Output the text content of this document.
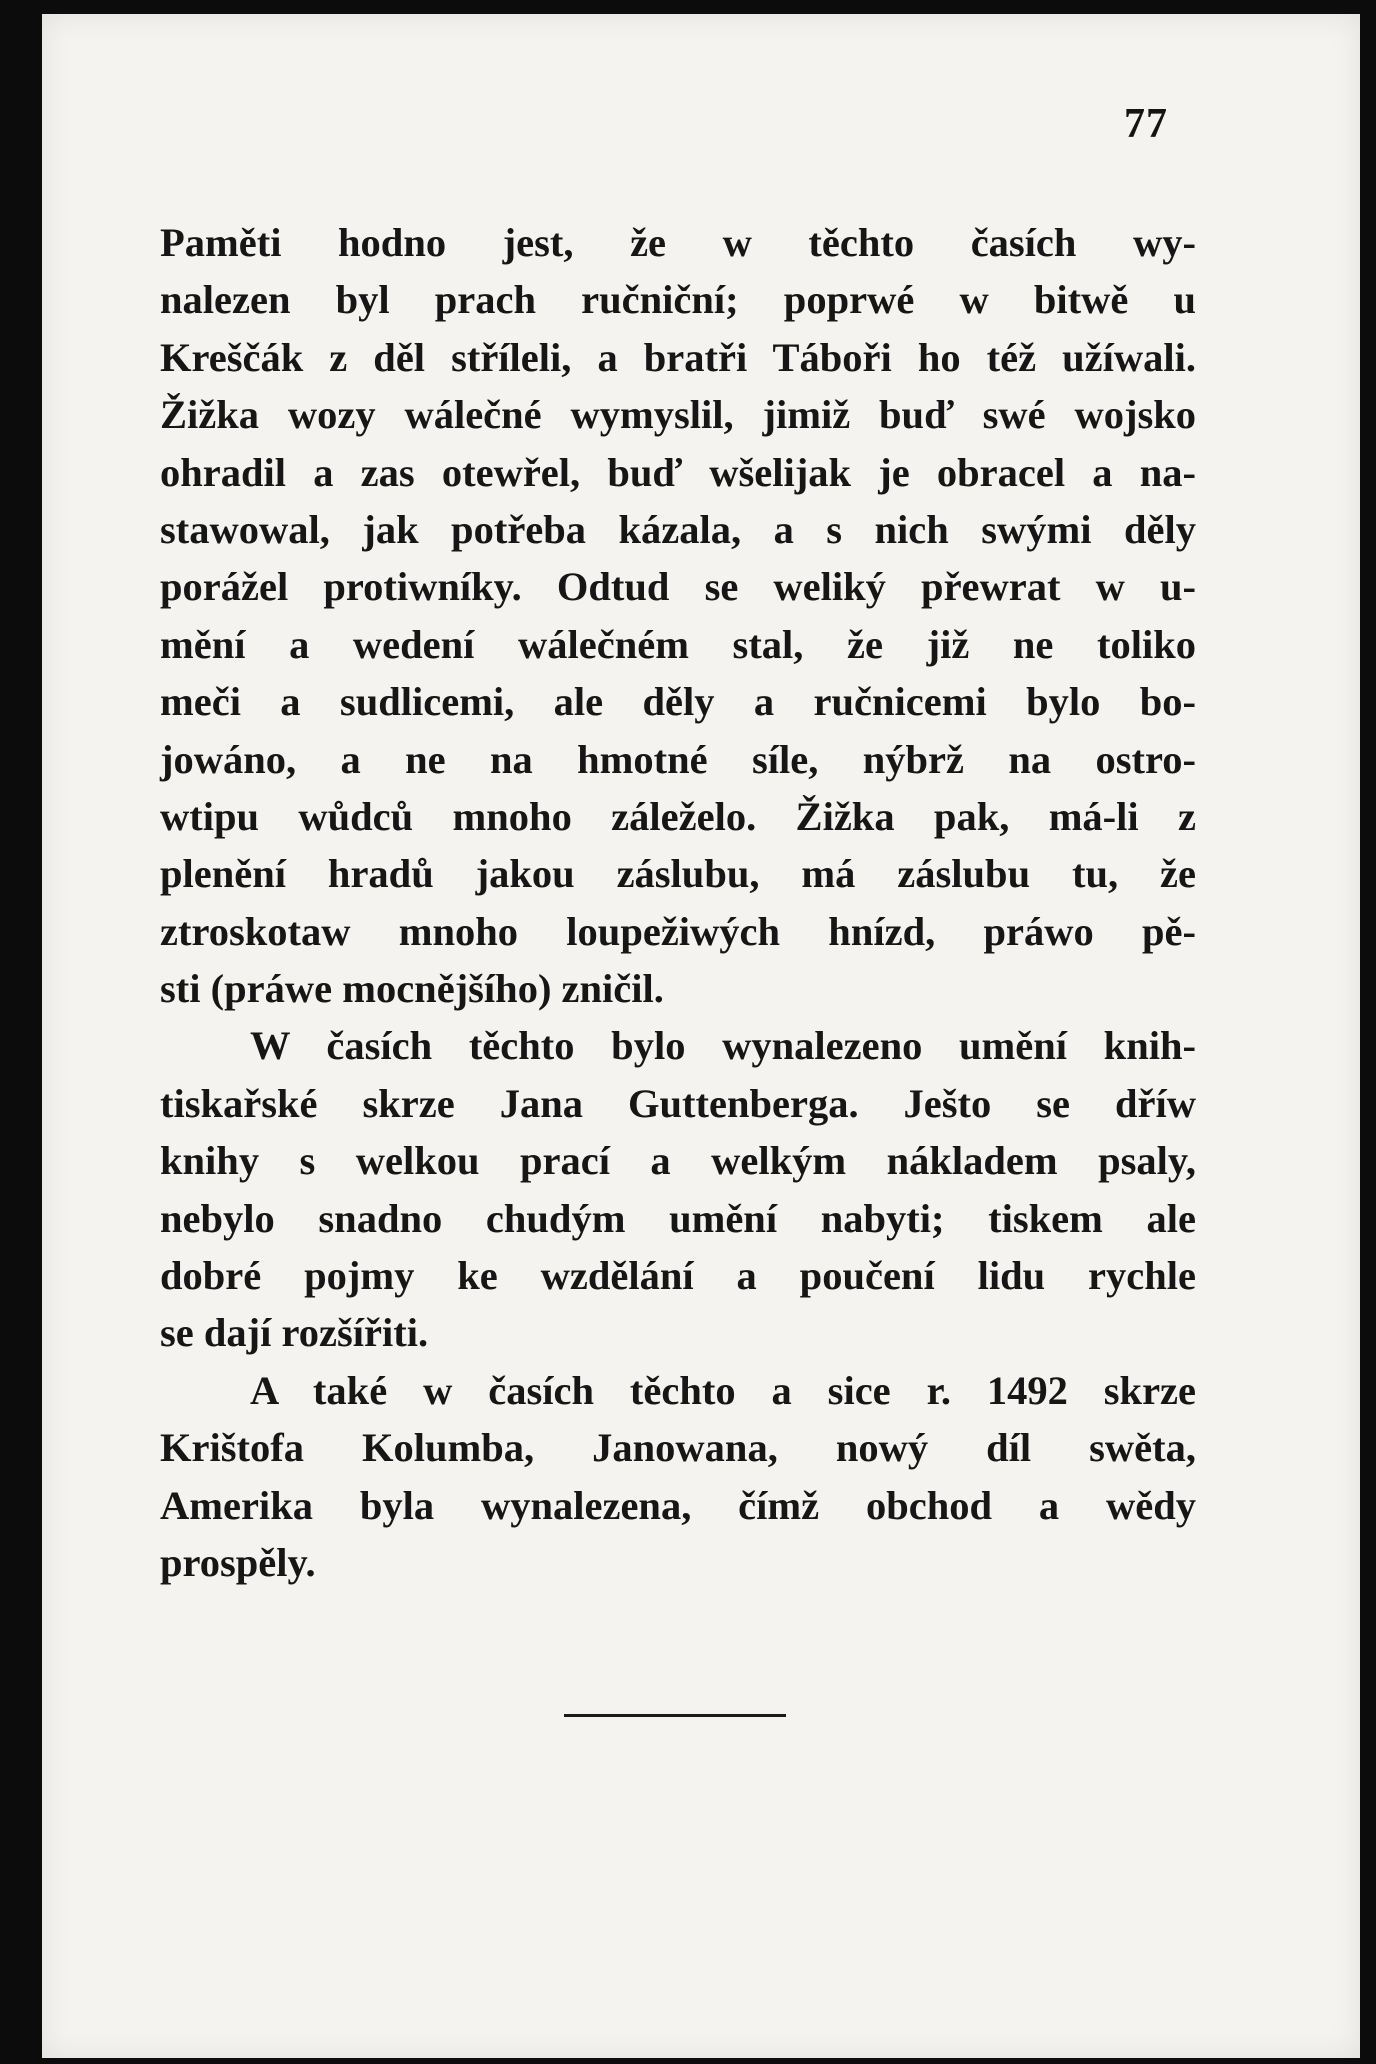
77
Paměti hodno jest, že w těchto časích wy-
nalezen byl prach ručniční; poprwé w bitwě u
Kreščák z děl stříleli, a bratři Táboři ho též užíwali.
Žižka wozy wálečné wymyslil, jimiž buď swé wojsko
ohradil a zas otewřel, buď wšelijak je obracel a na-
stawowal, jak potřeba kázala, a s nich swými děly
porážel protiwníky. Odtud se weliký přewrat w u-
mění a wedení wálečném stal, že již ne toliko
meči a sudlicemi, ale děly a ručnicemi bylo bo-
jowáno, a ne na hmotné síle, nýbrž na ostro-
wtipu wůdců mnoho záleželo. Žižka pak, má-li z
plenění hradů jakou záslubu, má záslubu tu, že
ztroskotaw mnoho loupežiwých hnízd, práwo pě-
sti (práwe mocnějšího) zničil.
W časích těchto bylo wynalezeno umění knih-
tiskařské skrze Jana Guttenberga. Ješto se dříw
knihy s welkou prací a welkým nákladem psaly,
nebylo snadno chudým umění nabyti; tiskem ale
dobré pojmy ke wzdělání a poučení lidu rychle
se dají rozšířiti.
A také w časích těchto a sice r. 1492 skrze
Krištofa Kolumba, Janowana, nowý díl swěta,
Amerika byla wynalezena, čímž obchod a wědy
prospěly.
